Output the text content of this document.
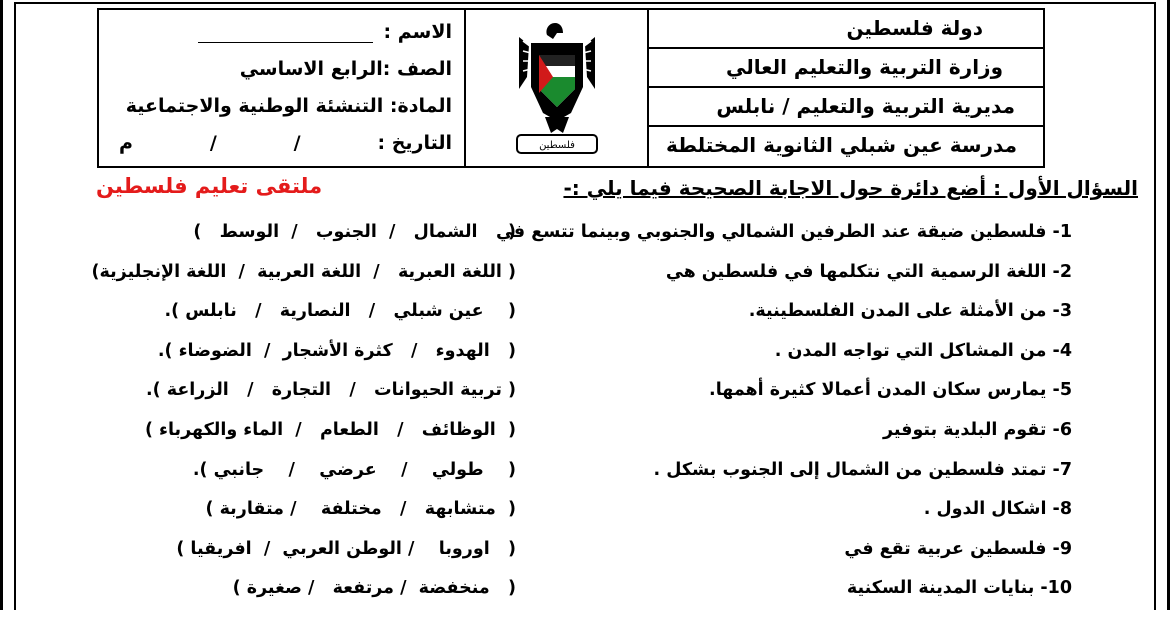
الاسم :
الصف :الرابع الاساسي
المادة: التنشئة الوطنية والاجتماعية
التاريخ :
/
/
م	فلسطين
دولة فلسطين
وزارة التربية والتعليم العالي
مديرية التربية والتعليم / نابلس
مدرسة عين شبلي الثانوية المختلطة
السؤال الأول : أضع دائرة حول الاجابة الصحيحة فيما يلي :-
ملتقى تعليم فلسطين
1- فلسطين ضيقة عند الطرفين الشمالي والجنوبي وبينما تتسع في
(     الشمال   /  الجنوب   /  الوسط   )
2- اللغة الرسمية التي نتكلمها في فلسطين هي
( اللغة العبرية   /  اللغة العربية  /  اللغة الإنجليزية)
3- من الأمثلة على المدن الفلسطينية.
(    عين شبلي   /   النصارية   /   نابلس ).
4- من المشاكل التي تواجه المدن .
(   الهدوء   /   كثرة الأشجار  /  الضوضاء ).
5- يمارس سكان المدن أعمالا كثيرة أهمها.
( تربية الحيوانات   /   التجارة   /   الزراعة ).
6- تقوم البلدية بتوفير
(  الوظائف   /   الطعام   /  الماء والكهرباء )
7- تمتد فلسطين من الشمال إلى الجنوب بشكل .
(    طولي    /    عرضي    /    جانبي ).
8- اشكال الدول .
(  متشابهة   /   مختلفة    / متقاربة )
9- فلسطين عربية تقع في
(   اوروبا    / الوطن العربي  /  افريقيا )
10- بنايات المدينة السكنية
(   منخفضة  / مرتفعة   / صغيرة )
